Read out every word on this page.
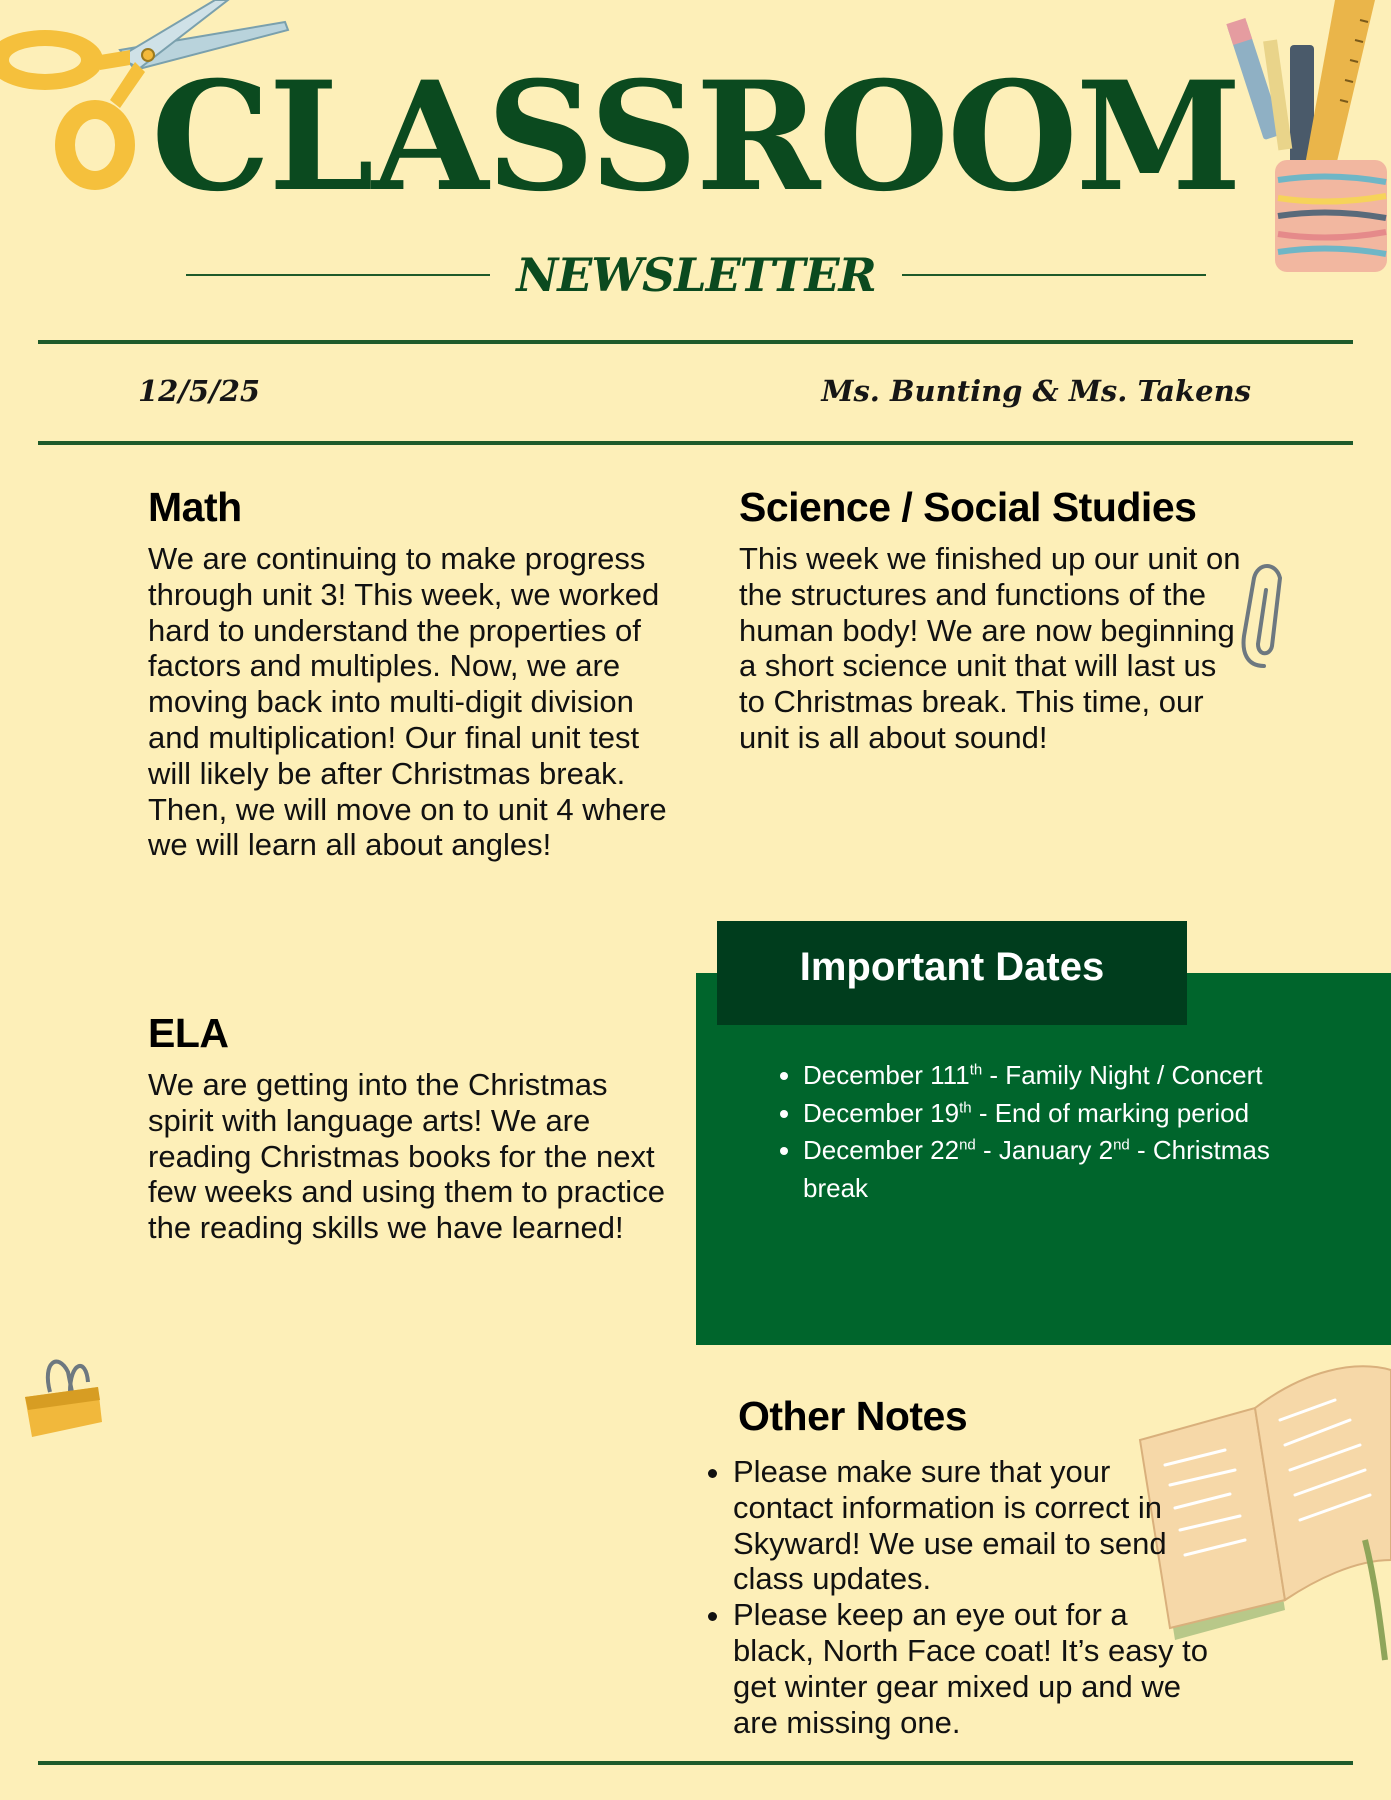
CLASSROOM
NEWSLETTER
12/5/25	Ms. Bunting & Ms. Takens
Math

We are continuing to make progress through unit 3! This week, we worked hard to understand the properties of factors and multiples. Now, we are moving back into multi-digit division and multiplication! Our final unit test will likely be after Christmas break. Then, we will move on to unit 4 where we will learn all about angles!

Science / Social Studies

This week we finished up our unit on the structures and functions of the human body! We are now beginning a short science unit that will last us to Christmas break. This time, our unit is all about sound!

ELA

We are getting into the Christmas spirit with language arts! We are reading Christmas books for the next few weeks and using them to practice the reading skills we have learned!

Important Dates
• December 111th - Family Night / Concert
• December 19th - End of marking period
• December 22nd - January 2nd - Christmas break
Other Notes
• Please make sure that your contact information is correct in Skyward! We use email to send class updates.
• Please keep an eye out for a black, North Face coat! It’s easy to get winter gear mixed up and we are missing one.
